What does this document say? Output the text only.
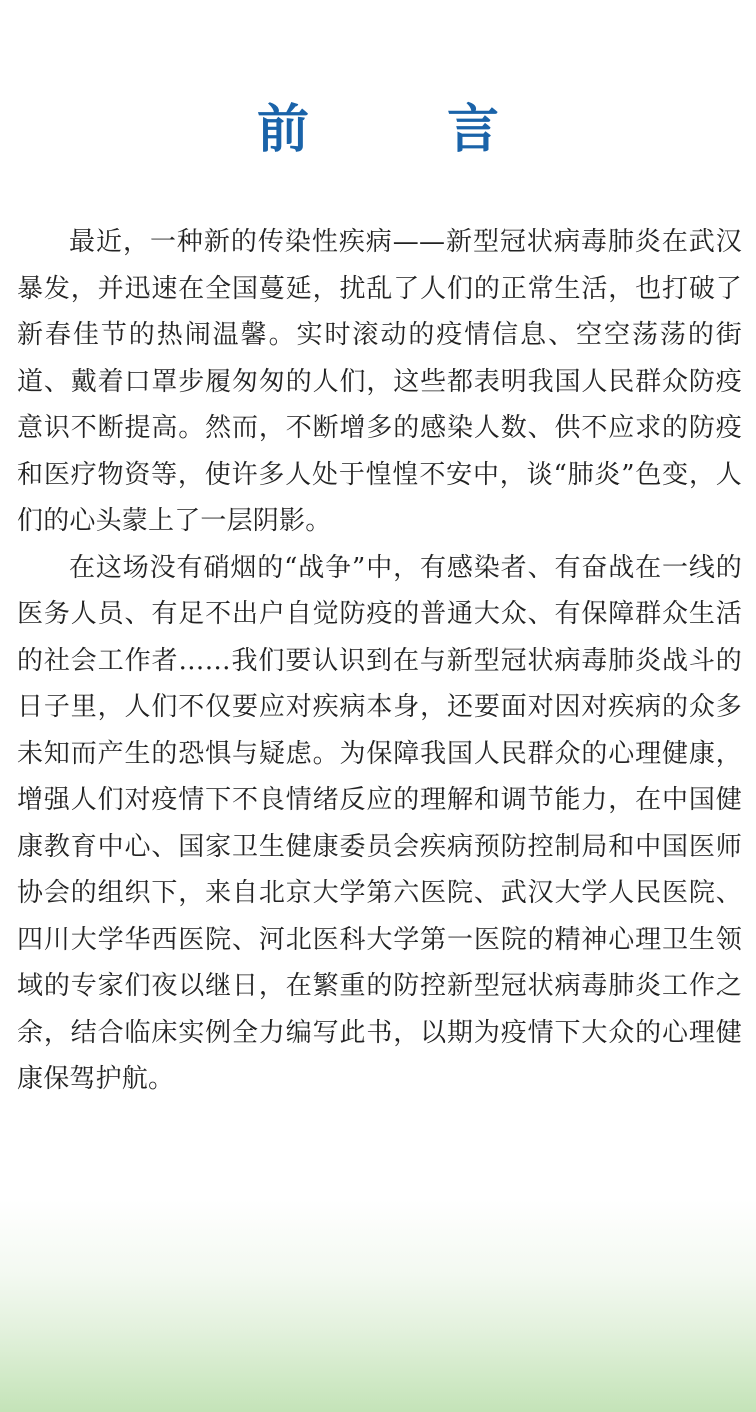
前 言

最近，一种新的传染性疾病——新型冠状病毒肺炎在武汉暴发，并迅速在全国蔓延，扰乱了人们的正常生活，也打破了新春佳节的热闹温馨。实时滚动的疫情信息、空空荡荡的街道、戴着口罩步履匆匆的人们，这些都表明我国人民群众防疫意识不断提高。然而，不断增多的感染人数、供不应求的防疫和医疗物资等，使许多人处于惶惶不安中，谈“肺炎”色变，人们的心头蒙上了一层阴影。

在这场没有硝烟的“战争”中，有感染者、有奋战在一线的医务人员、有足不出户自觉防疫的普通大众、有保障群众生活的社会工作者……我们要认识到在与新型冠状病毒肺炎战斗的日子里，人们不仅要应对疾病本身，还要面对因对疾病的众多未知而产生的恐惧与疑虑。为保障我国人民群众的心理健康，增强人们对疫情下不良情绪反应的理解和调节能力，在中国健康教育中心、国家卫生健康委员会疾病预防控制局和中国医师协会的组织下，来自北京大学第六医院、武汉大学人民医院、四川大学华西医院、河北医科大学第一医院的精神心理卫生领域的专家们夜以继日，在繁重的防控新型冠状病毒肺炎工作之余，结合临床实例全力编写此书，以期为疫情下大众的心理健康保驾护航。
